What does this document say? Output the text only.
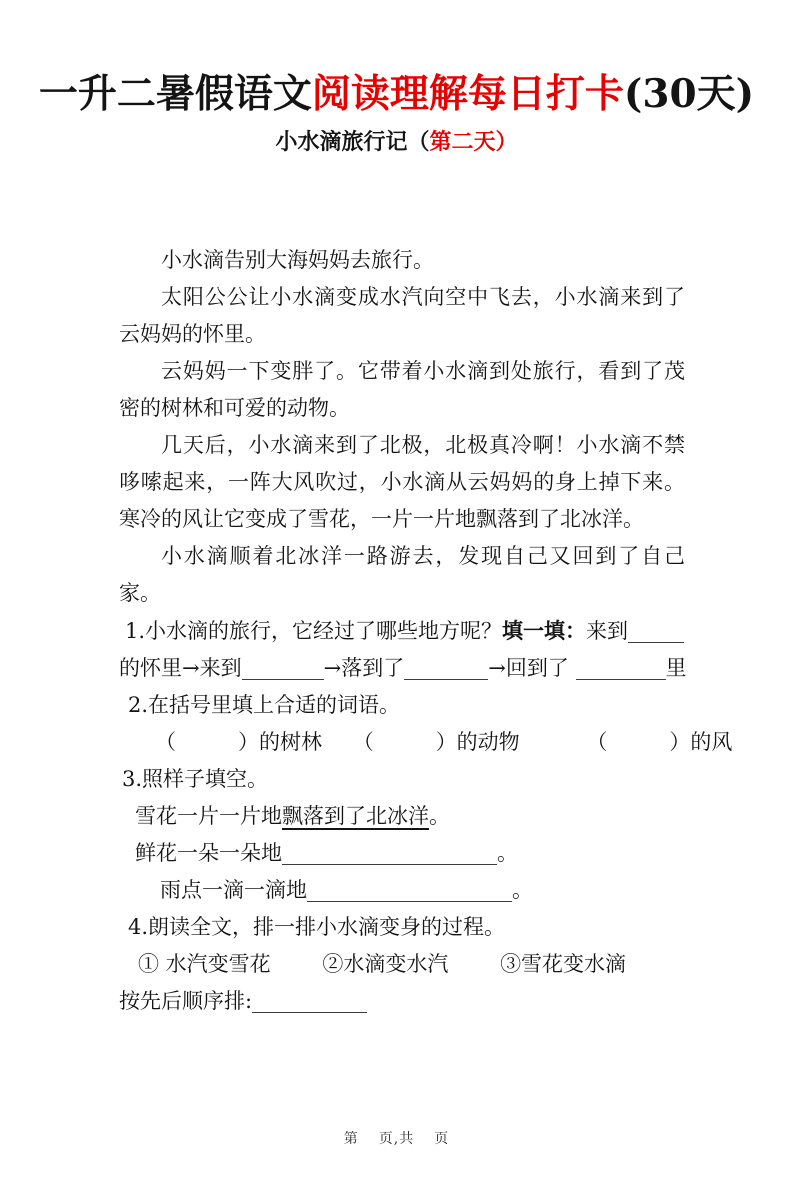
一升二暑假语文阅读理解每日打卡(30天)
小水滴旅行记（第二天）

小水滴告别大海妈妈去旅行。

太阳公公让小水滴变成水汽向空中飞去，小水滴来到了云妈妈的怀里。

云妈妈一下变胖了。它带着小水滴到处旅行，看到了茂密的树林和可爱的动物。

几天后，小水滴来到了北极，北极真冷啊！小水滴不禁哆嗦起来，一阵大风吹过，小水滴从云妈妈的身上掉下来。寒冷的风让它变成了雪花，一片一片地飘落到了北冰洋。

小水滴顺着北冰洋一路游去，发现自己又回到了自己家。

1.小水滴的旅行，它经过了哪些地方呢？填一填：来到
的怀里→来到	→落到了	→回到了	里
2.在括号里填上合适的词语。
（	）的树林 （	）的动物	（	）的风
3.照样子填空。
雪花一片一片地飘落到了北冰洋。
鲜花一朵一朵地	。
雨点一滴一滴地	。
4.朗读全文，排一排小水滴变身的过程。
① 水汽变雪花 ②水滴变水汽 ③雪花变水滴
按先后顺序排:
第 页,共 页
